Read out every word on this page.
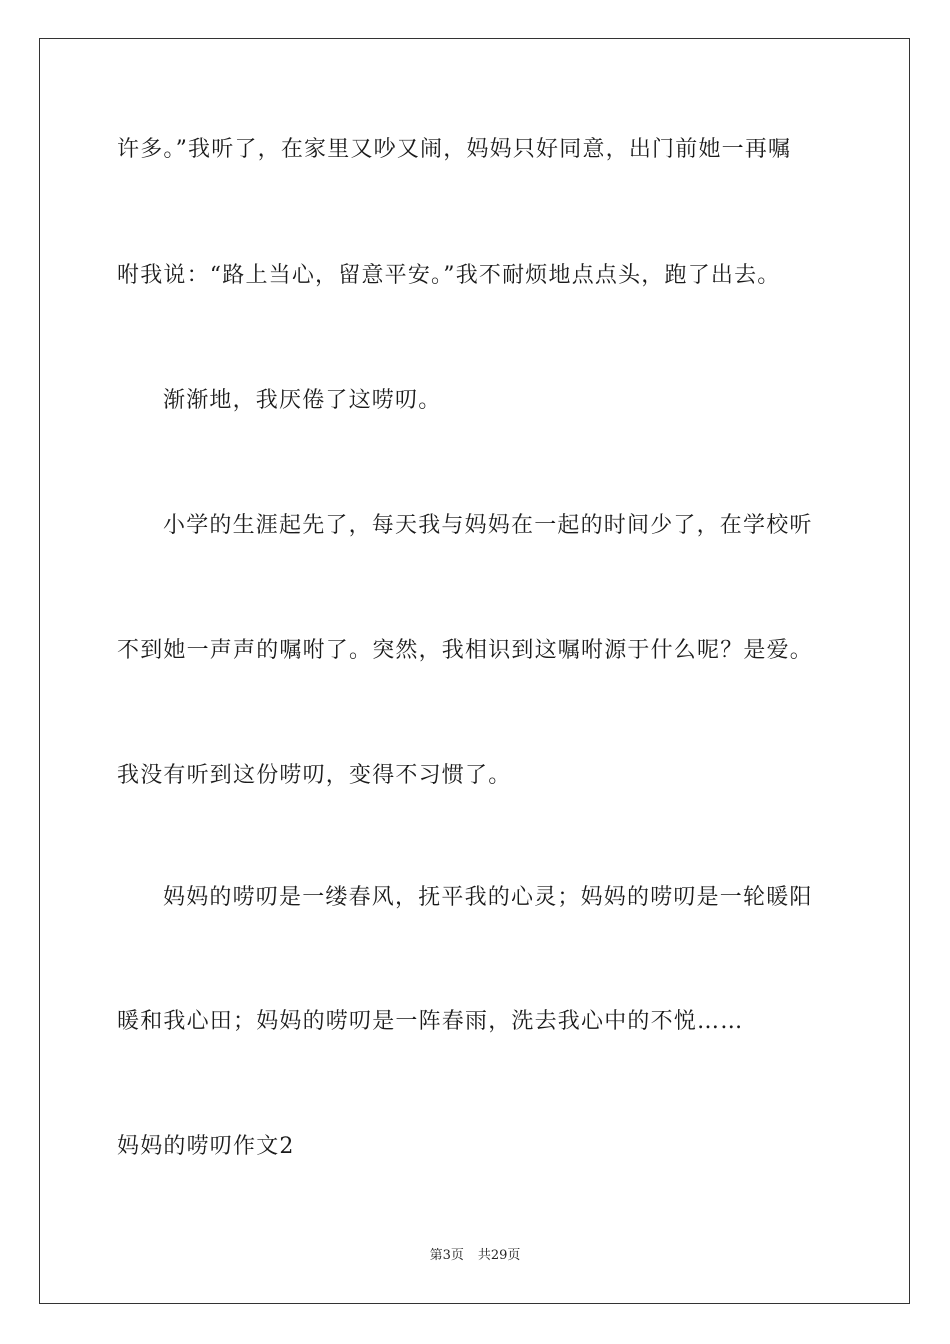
许多。”我听了，在家里又吵又闹，妈妈只好同意，出门前她一再嘱
咐我说：“路上当心，留意平安。”我不耐烦地点点头，跑了出去。
渐渐地，我厌倦了这唠叨。
小学的生涯起先了，每天我与妈妈在一起的时间少了，在学校听
不到她一声声的嘱咐了。突然，我相识到这嘱咐源于什么呢？是爱。
我没有听到这份唠叨，变得不习惯了。
妈妈的唠叨是一缕春风，抚平我的心灵；妈妈的唠叨是一轮暖阳
暖和我心田；妈妈的唠叨是一阵春雨，洗去我心中的不悦……
妈妈的唠叨作文2
第3页 共29页
